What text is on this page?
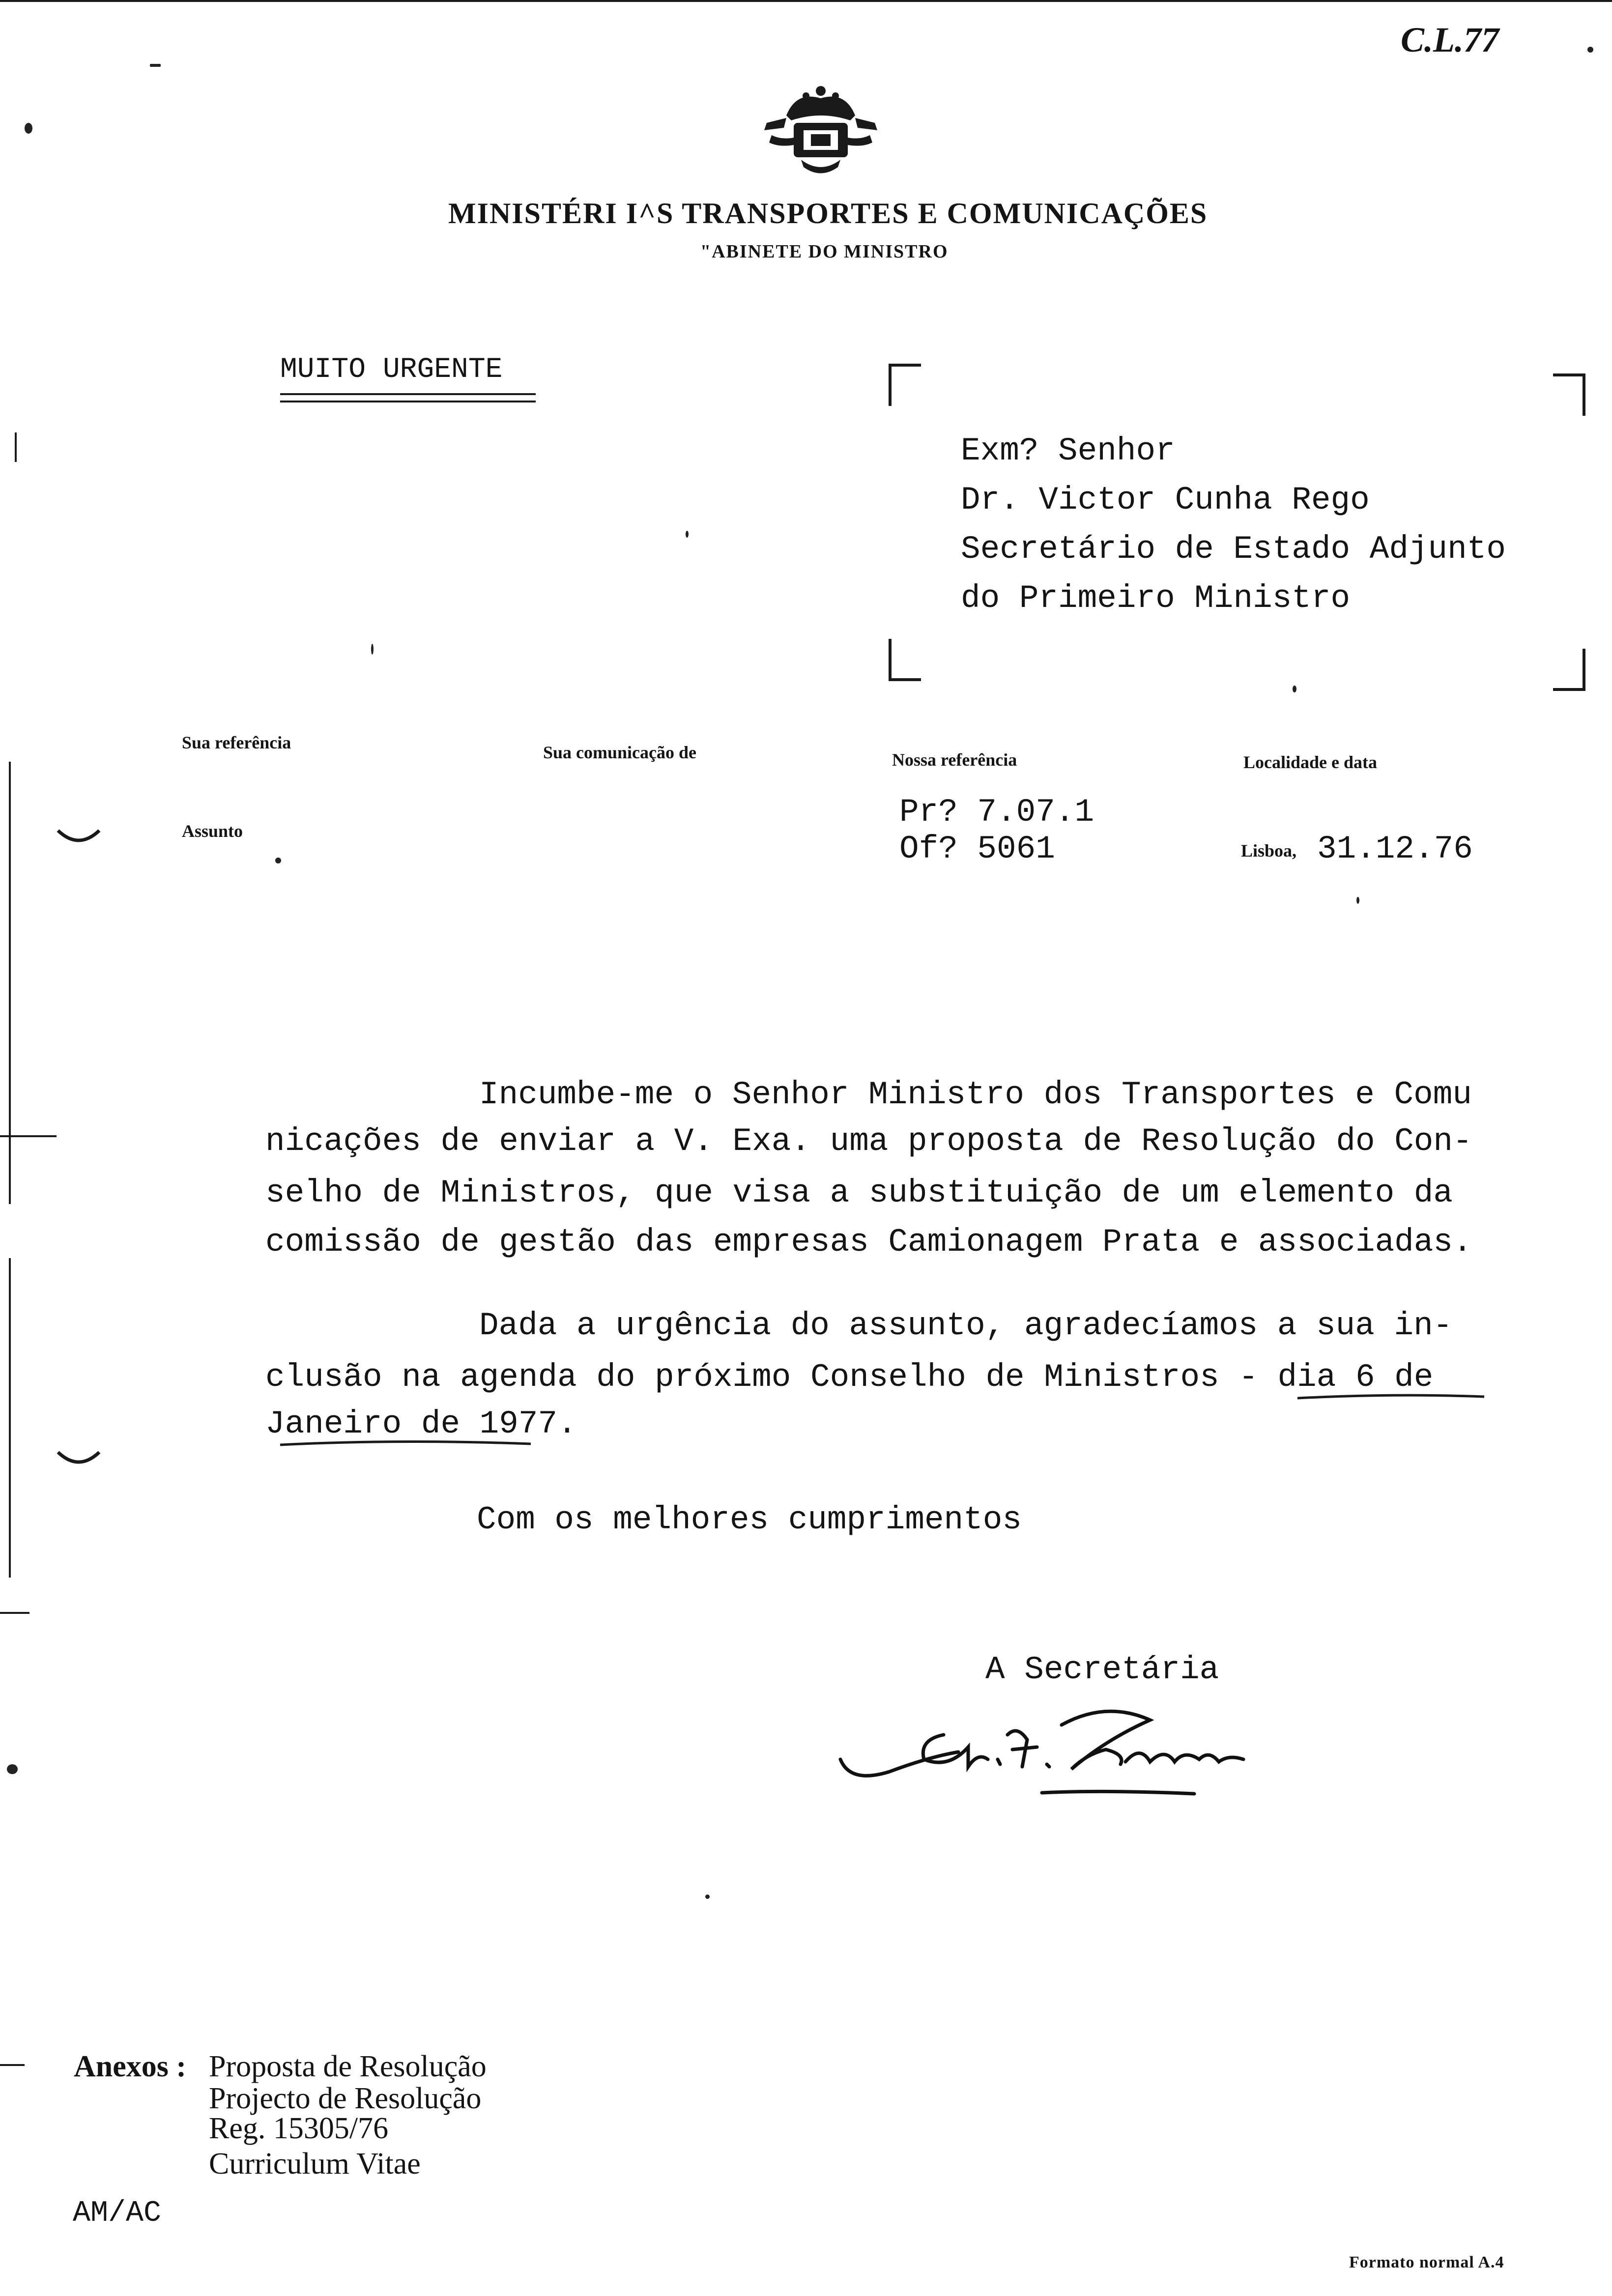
C.L.77
MINISTÉRI I^S TRANSPORTES E COMUNICAÇÕES
"ABINETE DO MINISTRO
MUITO URGENTE
Exm? Senhor
Dr. Victor Cunha Rego
Secretário de Estado Adjunto
do Primeiro Ministro
Sua referência	Sua comunicação de	Nossa referência	Localidade e data
Assunto
Pr? 7.07.1
Of? 5061	Lisboa, 31.12.76
Incumbe-me o Senhor Ministro dos Transportes e Comu
nicações de enviar a V. Exa. uma proposta de Resolução do Con-
selho de Ministros, que visa a substituição de um elemento da
comissão de gestão das empresas Camionagem Prata e associadas.
Dada a urgência do assunto, agradecíamos a sua in-
clusão na agenda do próximo Conselho de Ministros - dia 6 de
Janeiro de 1977.
Com os melhores cumprimentos
A Secretária
G.H. Pereira
Anexos : Proposta de Resolução
Projecto de Resolução
Reg. 15305/76
Curriculum Vitae
AM/AC
Formato normal A.4
